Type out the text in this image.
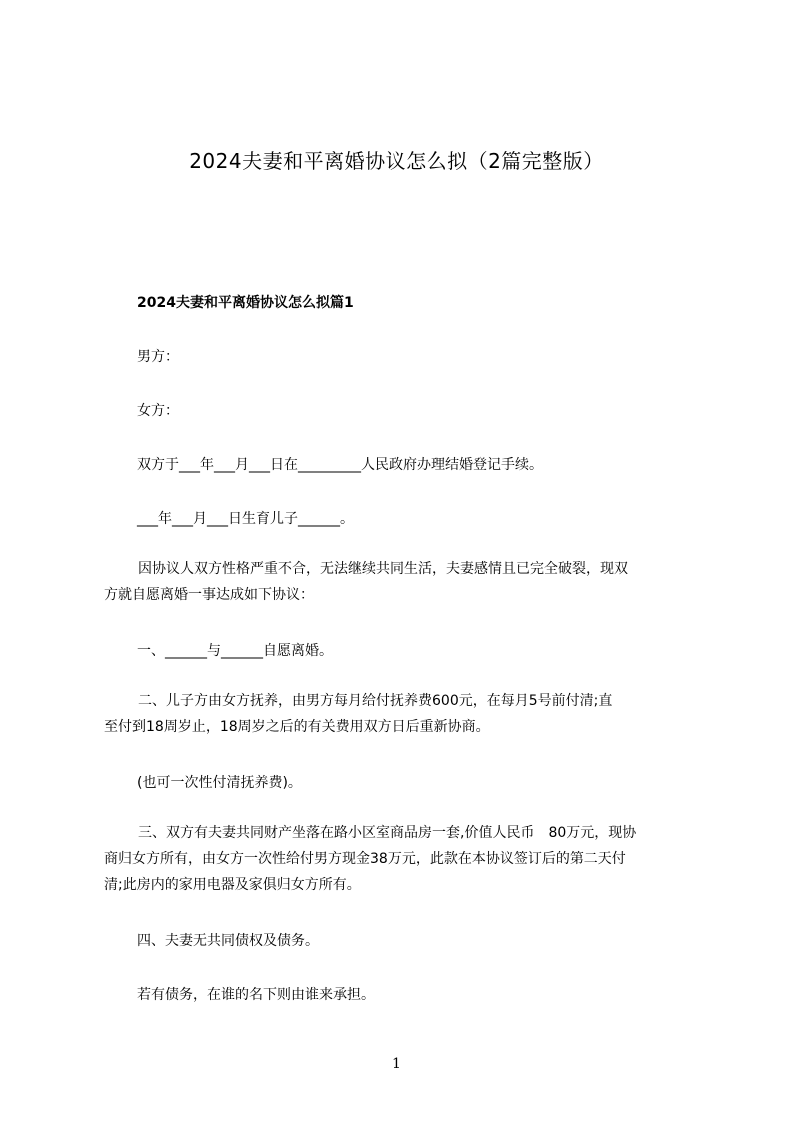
2024夫妻和平离婚协议怎么拟（2篇完整版）
2024夫妻和平离婚协议怎么拟篇1
男方：
女方：
双方于___年___月___日在_________人民政府办理结婚登记手续。
___年___月___日生育儿子______。
因协议人双方性格严重不合，无法继续共同生活，夫妻感情且已完全破裂，现双
方就自愿离婚一事达成如下协议：
一、______与______自愿离婚。
二、儿子方由女方抚养，由男方每月给付抚养费600元，在每月5号前付清;直
至付到18周岁止，18周岁之后的有关费用双方日后重新协商。
(也可一次性付清抚养费)。
三、双方有夫妻共同财产坐落在路小区室商品房一套,价值人民币　80万元，现协
商归女方所有，由女方一次性给付男方现金38万元，此款在本协议签订后的第二天付
清;此房内的家用电器及家俱归女方所有。
四、夫妻无共同债权及债务。
若有债务，在谁的名下则由谁来承担。
1
